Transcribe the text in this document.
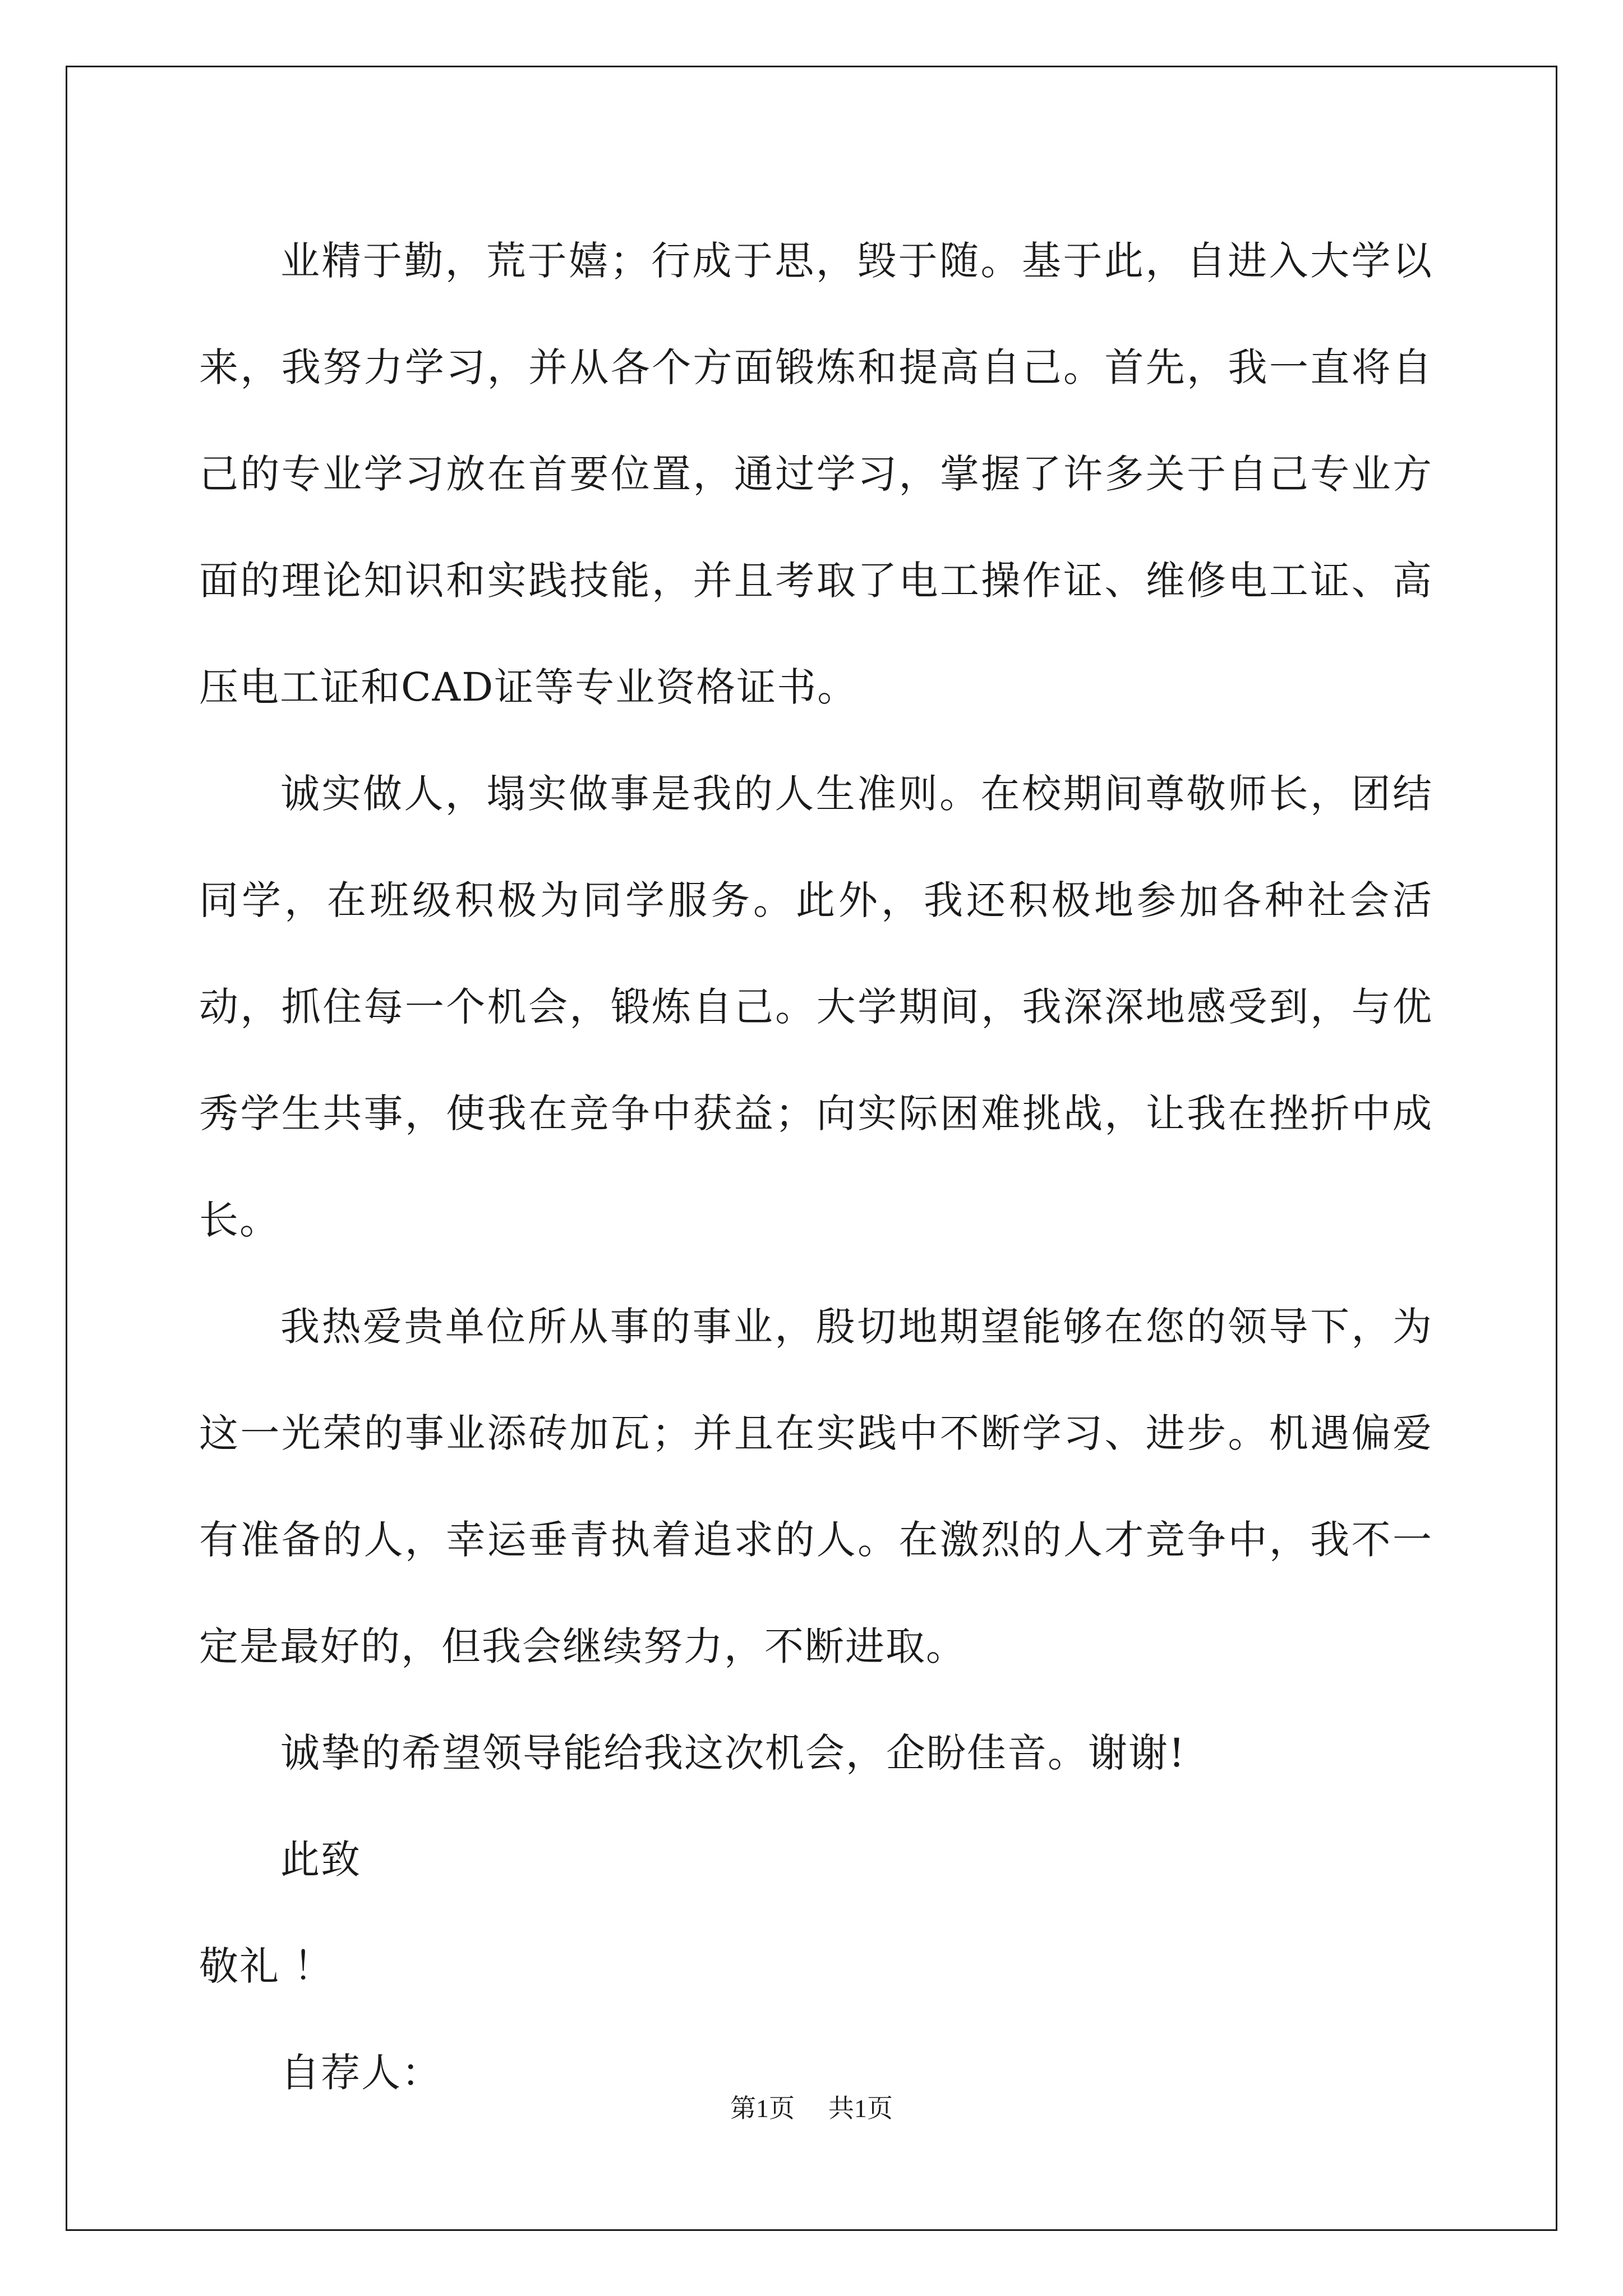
业精于勤，荒于嬉；行成于思，毁于随。基于此，自进入大学以来，我努力学习，并从各个方面锻炼和提高自己。首先，我一直将自己的专业学习放在首要位置，通过学习，掌握了许多关于自己专业方面的理论知识和实践技能，并且考取了电工操作证、维修电工证、高压电工证和CAD证等专业资格证书。

诚实做人，塌实做事是我的人生准则。在校期间尊敬师长，团结同学，在班级积极为同学服务。此外，我还积极地参加各种社会活动，抓住每一个机会，锻炼自己。大学期间，我深深地感受到，与优秀学生共事，使我在竞争中获益；向实际困难挑战，让我在挫折中成长。

我热爱贵单位所从事的事业，殷切地期望能够在您的领导下，为这一光荣的事业添砖加瓦；并且在实践中不断学习、进步。机遇偏爱有准备的人，幸运垂青执着追求的人。在激烈的人才竞争中，我不一定是最好的，但我会继续努力，不断进取。

诚挚的希望领导能给我这次机会，企盼佳音。谢谢!

此致

敬礼 ！

自荐人：

第1页 共1页
